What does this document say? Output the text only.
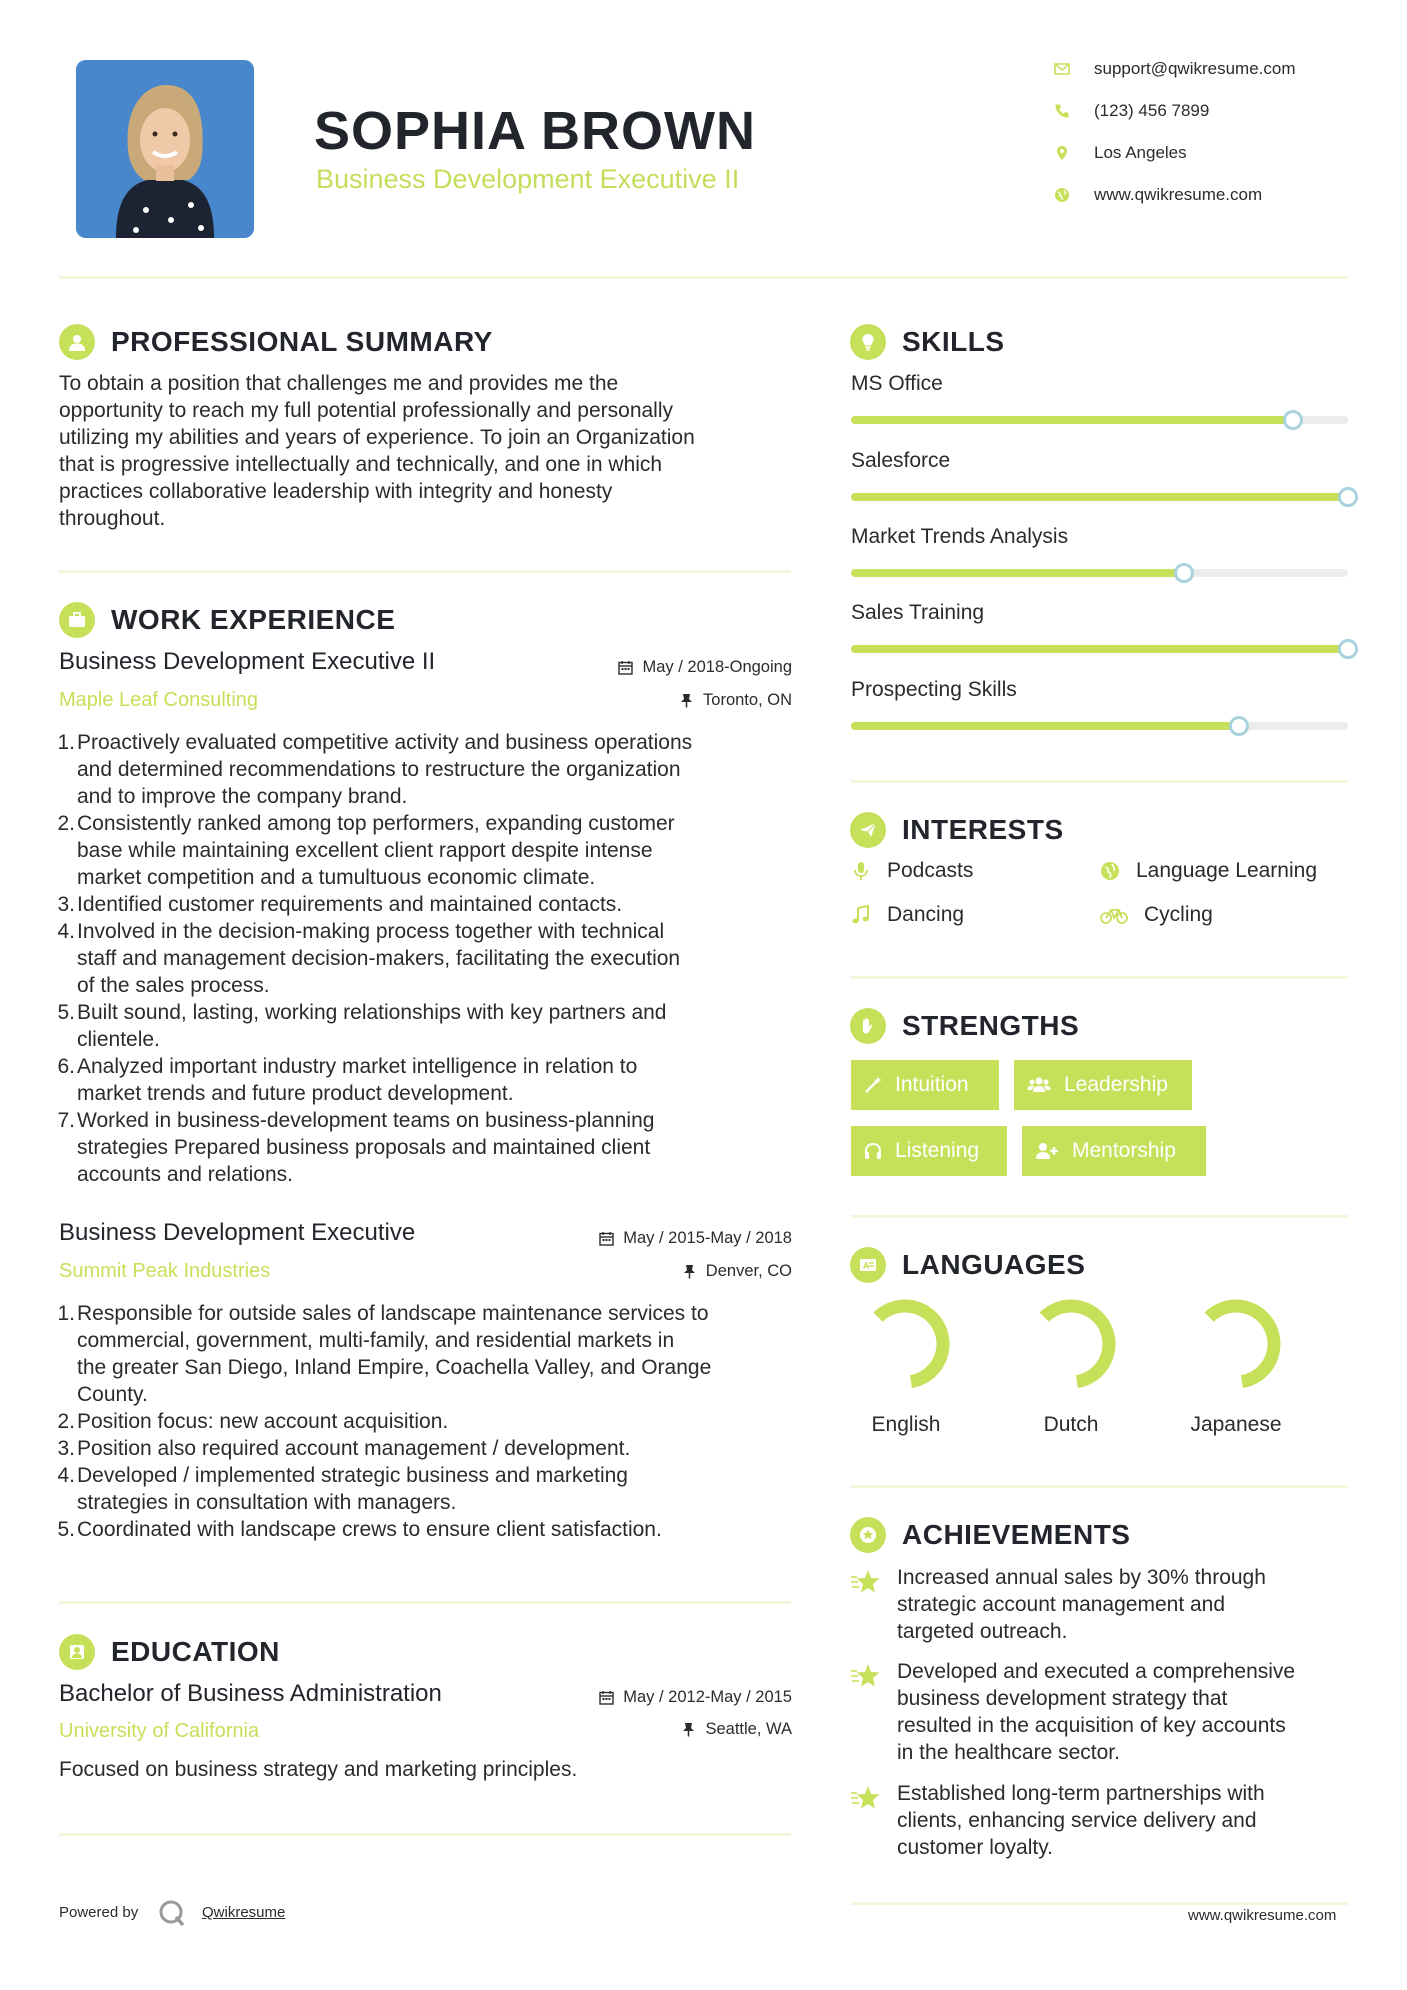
SOPHIA BROWN
Business Development Executive II
support@qwikresume.com
(123) 456 7899
Los Angeles
www.qwikresume.com
PROFESSIONAL SUMMARY
To obtain a position that challenges me and provides me the
opportunity to reach my full potential professionally and personally
utilizing my abilities and years of experience. To join an Organization
that is progressive intellectually and technically, and one in which
practices collaborative leadership with integrity and honesty
throughout.
WORK EXPERIENCE
Business Development Executive II	May / 2018-Ongoing
Maple Leaf Consulting	Toronto, ON
1. Proactively evaluated competitive activity and business operations
and determined recommendations to restructure the organization
and to improve the company brand.
2. Consistently ranked among top performers, expanding customer
base while maintaining excellent client rapport despite intense
market competition and a tumultuous economic climate.
3. Identified customer requirements and maintained contacts.
4. Involved in the decision-making process together with technical
staff and management decision-makers, facilitating the execution
of the sales process.
5. Built sound, lasting, working relationships with key partners and
clientele.
6. Analyzed important industry market intelligence in relation to
market trends and future product development.
7. Worked in business-development teams on business-planning
strategies Prepared business proposals and maintained client
accounts and relations.
Business Development Executive	May / 2015-May / 2018
Summit Peak Industries	Denver, CO
1. Responsible for outside sales of landscape maintenance services to
commercial, government, multi-family, and residential markets in
the greater San Diego, Inland Empire, Coachella Valley, and Orange
County.
2. Position focus: new account acquisition.
3. Position also required account management / development.
4. Developed / implemented strategic business and marketing
strategies in consultation with managers.
5. Coordinated with landscape crews to ensure client satisfaction.
EDUCATION
Bachelor of Business Administration	May / 2012-May / 2015
University of California	Seattle, WA
Focused on business strategy and marketing principles.
SKILLS
MS Office
Salesforce
Market Trends Analysis
Sales Training
Prospecting Skills
INTERESTS
Podcasts	Language Learning
Dancing	Cycling
STRENGTHS
Intuition	Leadership
Listening	Mentorship
A LANGUAGES
English	Dutch	Japanese
ACHIEVEMENTS
Increased annual sales by 30% through
strategic account management and
targeted outreach.
Developed and executed a comprehensive
business development strategy that
resulted in the acquisition of key accounts
in the healthcare sector.
Established long-term partnerships with
clients, enhancing service delivery and
customer loyalty.
Powered by	Qwikresume	www.qwikresume.com
